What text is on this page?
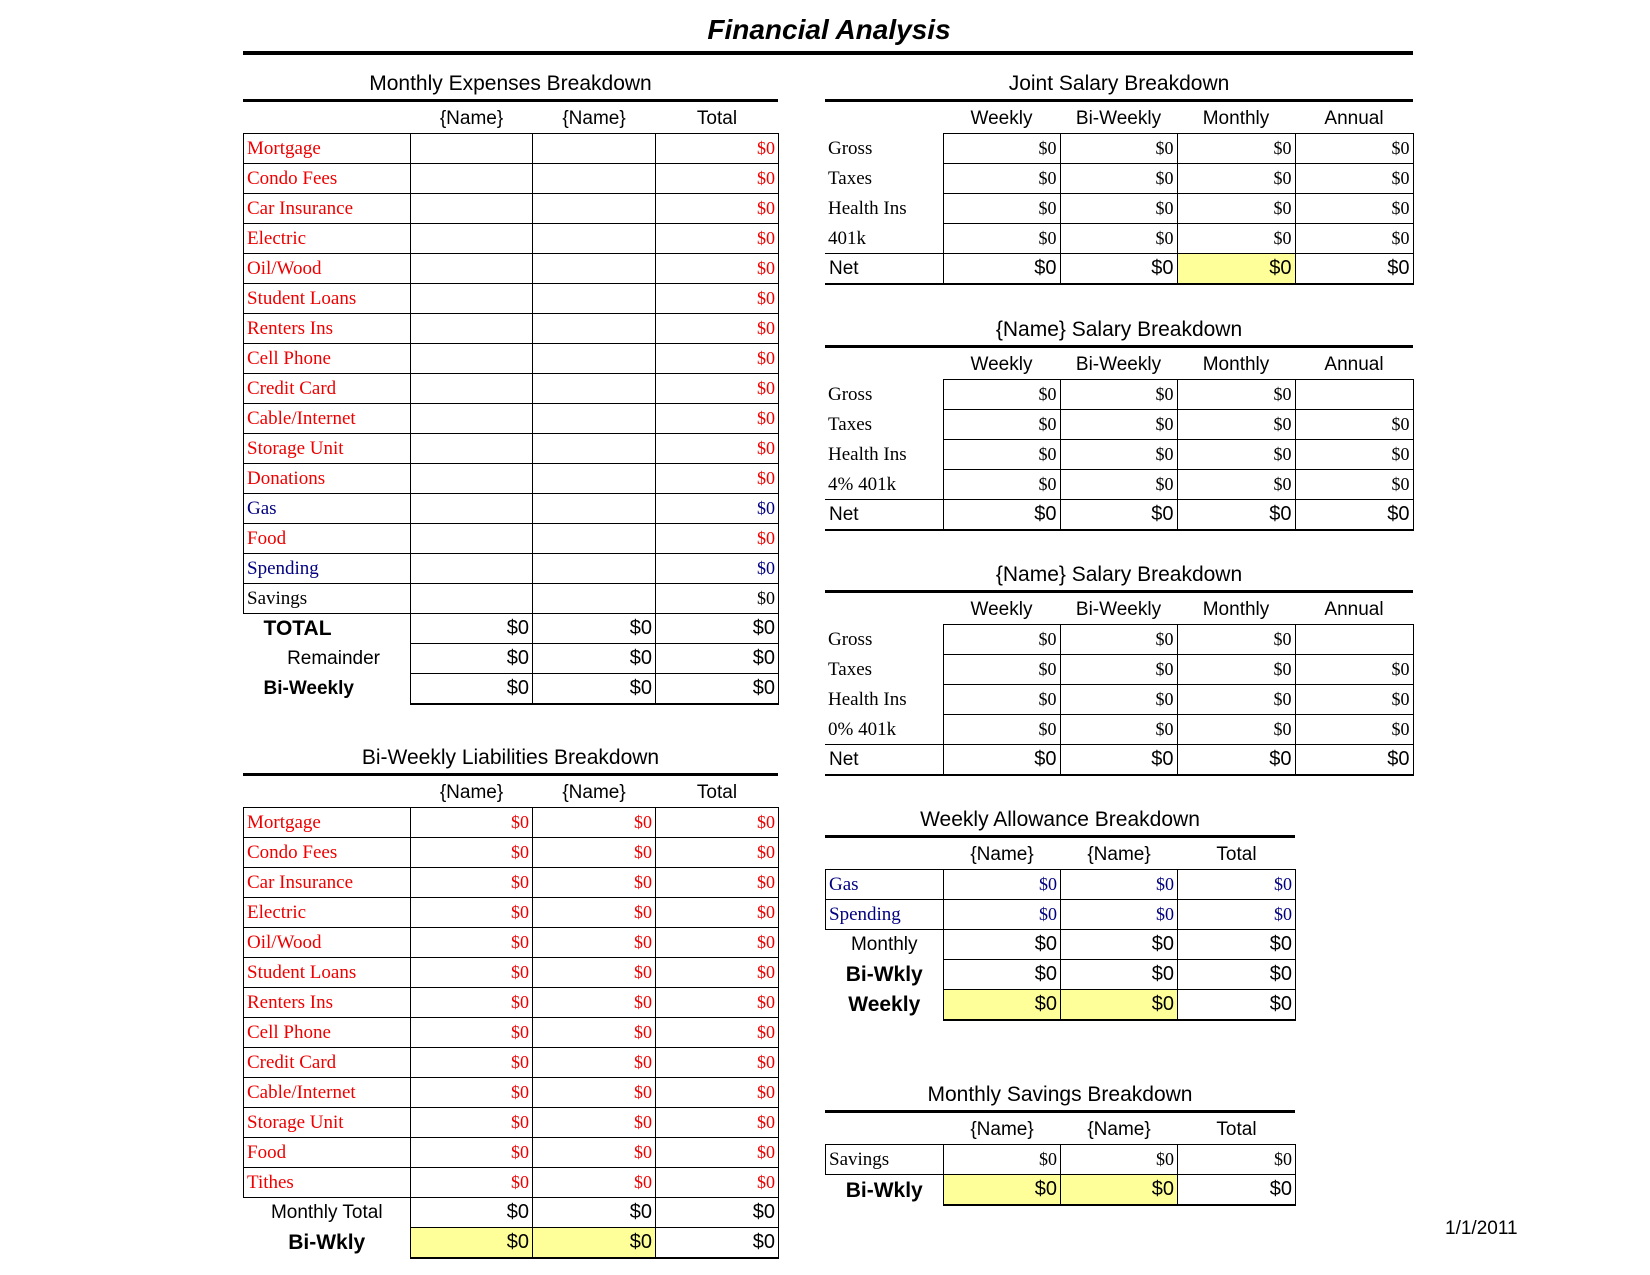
Financial Analysis
Monthly Expenses Breakdown
	{Name}	{Name}	Total
Mortgage			$0
Condo Fees			$0
Car Insurance			$0
Electric			$0
Oil/Wood			$0
Student Loans			$0
Renters Ins			$0
Cell Phone			$0
Credit Card			$0
Cable/Internet			$0
Storage Unit			$0
Donations			$0
Gas			$0
Food			$0
Spending			$0
Savings			$0
TOTAL	$0	$0	$0
Remainder	$0	$0	$0
Bi-Weekly	$0	$0	$0
Bi-Weekly Liabilities Breakdown
	{Name}	{Name}	Total
Mortgage	$0	$0	$0
Condo Fees	$0	$0	$0
Car Insurance	$0	$0	$0
Electric	$0	$0	$0
Oil/Wood	$0	$0	$0
Student Loans	$0	$0	$0
Renters Ins	$0	$0	$0
Cell Phone	$0	$0	$0
Credit Card	$0	$0	$0
Cable/Internet	$0	$0	$0
Storage Unit	$0	$0	$0
Food	$0	$0	$0
Tithes	$0	$0	$0
Monthly Total	$0	$0	$0
Bi-Wkly	$0	$0	$0
Joint Salary Breakdown
	Weekly	Bi-Weekly	Monthly	Annual
Gross	$0	$0	$0	$0
Taxes	$0	$0	$0	$0
Health Ins	$0	$0	$0	$0
401k	$0	$0	$0	$0
Net	$0	$0	$0	$0
{Name} Salary Breakdown
	Weekly	Bi-Weekly	Monthly	Annual
Gross	$0	$0	$0	
Taxes	$0	$0	$0	$0
Health Ins	$0	$0	$0	$0
4% 401k	$0	$0	$0	$0
Net	$0	$0	$0	$0
{Name} Salary Breakdown
	Weekly	Bi-Weekly	Monthly	Annual
Gross	$0	$0	$0	
Taxes	$0	$0	$0	$0
Health Ins	$0	$0	$0	$0
0% 401k	$0	$0	$0	$0
Net	$0	$0	$0	$0
Weekly Allowance Breakdown
	{Name}	{Name}	Total
Gas	$0	$0	$0
Spending	$0	$0	$0
Monthly	$0	$0	$0
Bi-Wkly	$0	$0	$0
Weekly	$0	$0	$0
Monthly Savings Breakdown
	{Name}	{Name}	Total
Savings	$0	$0	$0
Bi-Wkly	$0	$0	$0
1/1/2011
